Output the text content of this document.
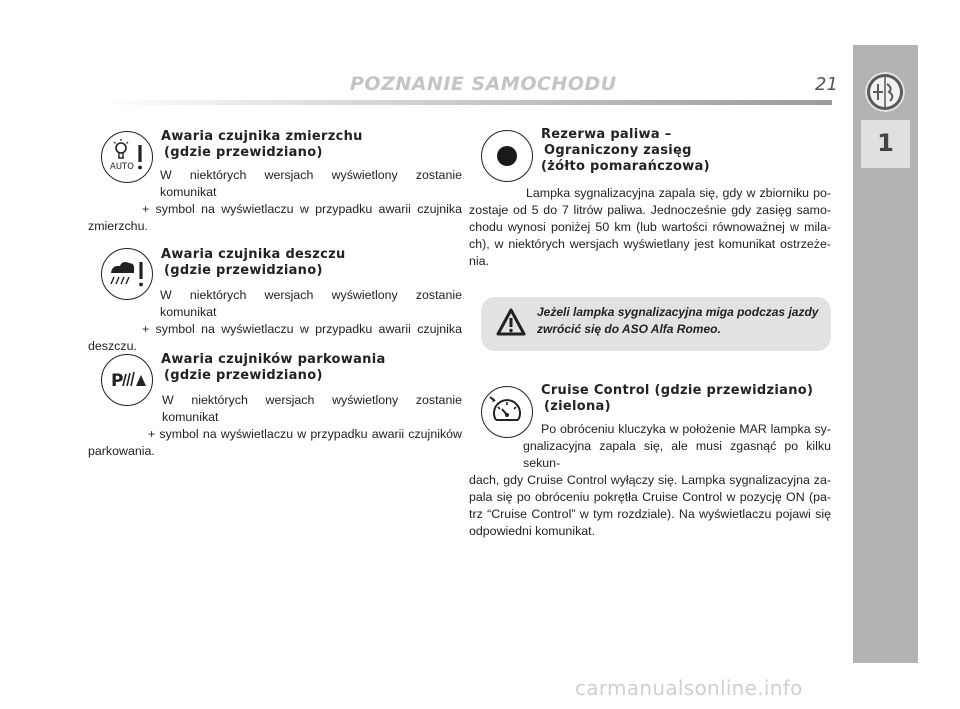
POZNANIE SAMOCHODU	21
1
AUTO
Awaria czujnika zmierzchu
(gdzie przewidziano)
W niektórych wersjach wyświetlony zostanie komunikat
+ symbol na wyświetlaczu w przypadku awarii czujnika
zmierzchu.
Awaria czujnika deszczu
(gdzie przewidziano)
W niektórych wersjach wyświetlony zostanie komunikat
+ symbol na wyświetlaczu w przypadku awarii czujnika
deszczu.
P
Awaria czujników parkowania
(gdzie przewidziano)
W niektórych wersjach wyświetlony zostanie komunikat
+ symbol na wyświetlaczu w przypadku awarii czujników
parkowania.
Rezerwa paliwa –
Ograniczony zasięg
(żółto pomarańczowa)
Lampka sygnalizacyjna zapala się, gdy w zbiorniku po-
zostaje od 5 do 7 litrów paliwa. Jednocześnie gdy zasięg samo-
chodu wynosi poniżej 50 km (lub wartości równoważnej w mila-
ch), w niektórych wersjach wyświetlany jest komunikat ostrzeże-
nia.
Jeżeli lampka sygnalizacyjna miga podczas jazdy
zwrócić się do ASO Alfa Romeo.
Cruise Control (gdzie przewidziano)
(zielona)
Po obróceniu kluczyka w położenie MAR lampka sy-
gnalizacyjna zapala się, ale musi zgasnąć po kilku sekun-
dach, gdy Cruise Control wyłączy się. Lampka sygnalizacyjna za-
pala się po obróceniu pokrętła Cruise Control w pozycję ON (pa-
trz “Cruise Control” w tym rozdziale). Na wyświetlaczu pojawi się
odpowiedni komunikat.
carmanualsonline.info
